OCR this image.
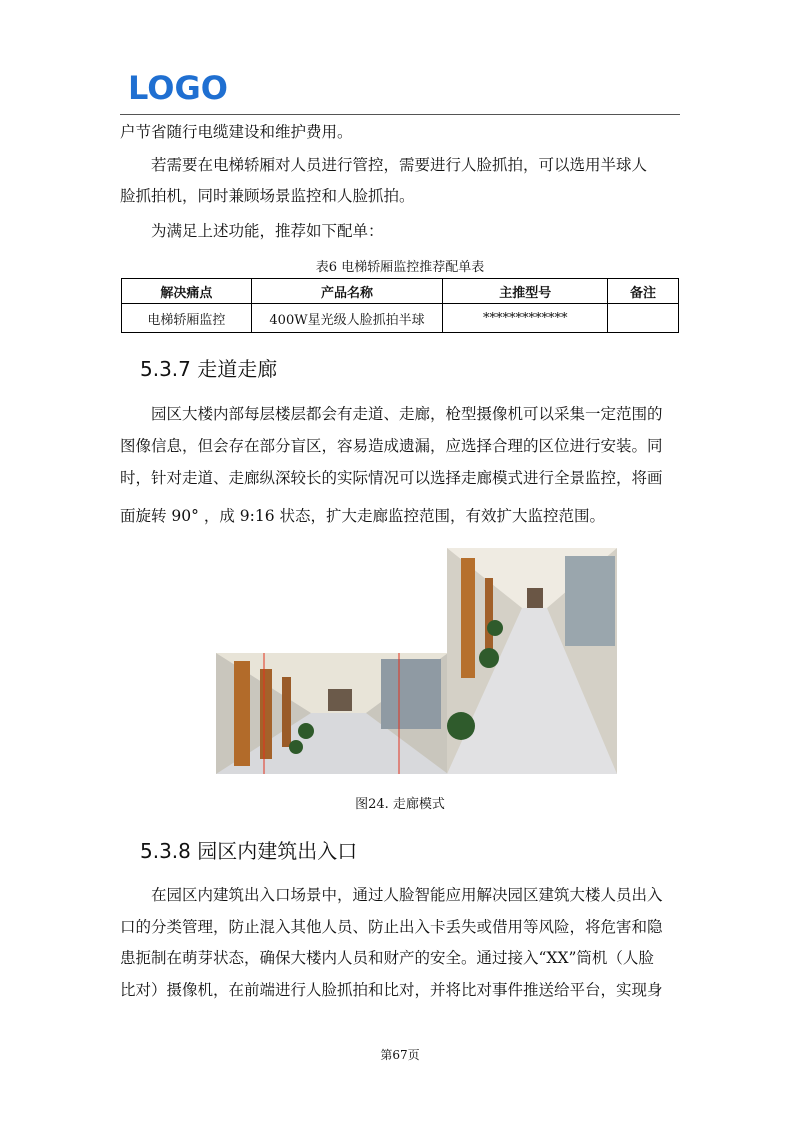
LOGO

户节省随行电缆建设和维护费用。

若需要在电梯轿厢对人员进行管控，需要进行人脸抓拍，可以选用半球人
脸抓拍机，同时兼顾场景监控和人脸抓拍。

为满足上述功能，推荐如下配单：

表6 电梯轿厢监控推荐配单表
解决痛点	产品名称	主推型号	备注
电梯轿厢监控	400W星光级人脸抓拍半球	*************	
5.3.7 走道走廊

园区大楼内部每层楼层都会有走道、走廊，枪型摄像机可以采集一定范围的
图像信息，但会存在部分盲区，容易造成遗漏，应选择合理的区位进行安装。同
时，针对走道、走廊纵深较长的实际情况可以选择走廊模式进行全景监控，将画
面旋转 90° ，成 9:16 状态，扩大走廊监控范围，有效扩大监控范围。

图24. 走廊模式
5.3.8 园区内建筑出入口

在园区内建筑出入口场景中，通过人脸智能应用解决园区建筑大楼人员出入
口的分类管理，防止混入其他人员、防止出入卡丢失或借用等风险，将危害和隐
患扼制在萌芽状态，确保大楼内人员和财产的安全。通过接入“XX”筒机（人脸
比对）摄像机，在前端进行人脸抓拍和比对，并将比对事件推送给平台，实现身

第67页
